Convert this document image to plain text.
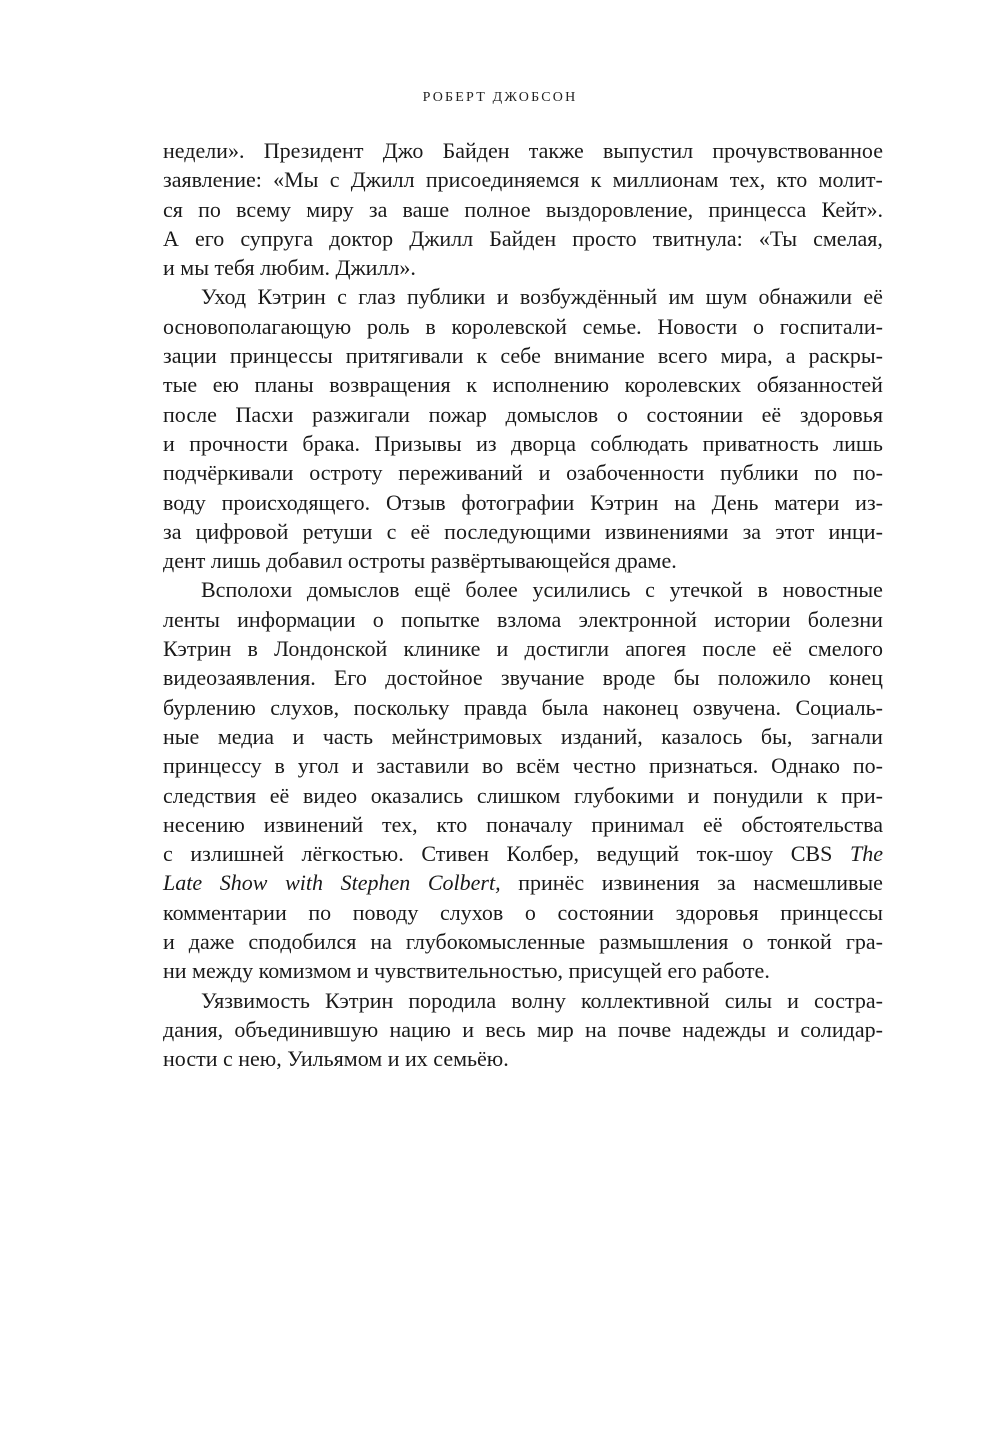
РОБЕРТ ДЖОБСОН
недели». Президент Джо Байден также выпустил прочувствованное
заявление: «Мы с Джилл присоединяемся к миллионам тех, кто молит-
ся по всему миру за ваше полное выздоровление, принцесса Кейт».
А его супруга доктор Джилл Байден просто твитнула: «Ты смелая,
и мы тебя любим. Джилл».
Уход Кэтрин с глаз публики и возбуждённый им шум обнажили её
основополагающую роль в королевской семье. Новости о госпитали-
зации принцессы притягивали к себе внимание всего мира, а раскры-
тые ею планы возвращения к исполнению королевских обязанностей
после Пасхи разжигали пожар домыслов о состоянии её здоровья
и прочности брака. Призывы из дворца соблюдать приватность лишь
подчёркивали остроту переживаний и озабоченности публики по по-
воду происходящего. Отзыв фотографии Кэтрин на День матери из-
за цифровой ретуши с её последующими извинениями за этот инци-
дент лишь добавил остроты развёртывающейся драме.
Всполохи домыслов ещё более усилились с утечкой в новостные
ленты информации о попытке взлома электронной истории болезни
Кэтрин в Лондонской клинике и достигли апогея после её смелого
видеозаявления. Его достойное звучание вроде бы положило конец
бурлению слухов, поскольку правда была наконец озвучена. Социаль-
ные медиа и часть мейнстримовых изданий, казалось бы, загнали
принцессу в угол и заставили во всём честно признаться. Однако по-
следствия её видео оказались слишком глубокими и понудили к при-
несению извинений тех, кто поначалу принимал её обстоятельства
с излишней лёгкостью. Стивен Колбер, ведущий ток-шоу CBS The
Late Show with Stephen Colbert, принёс извинения за насмешливые
комментарии по поводу слухов о состоянии здоровья принцессы
и даже сподобился на глубокомысленные размышления о тонкой гра-
ни между комизмом и чувствительностью, присущей его работе.
Уязвимость Кэтрин породила волну коллективной силы и состра-
дания, объединившую нацию и весь мир на почве надежды и солидар-
ности с нею, Уильямом и их семьёю.
